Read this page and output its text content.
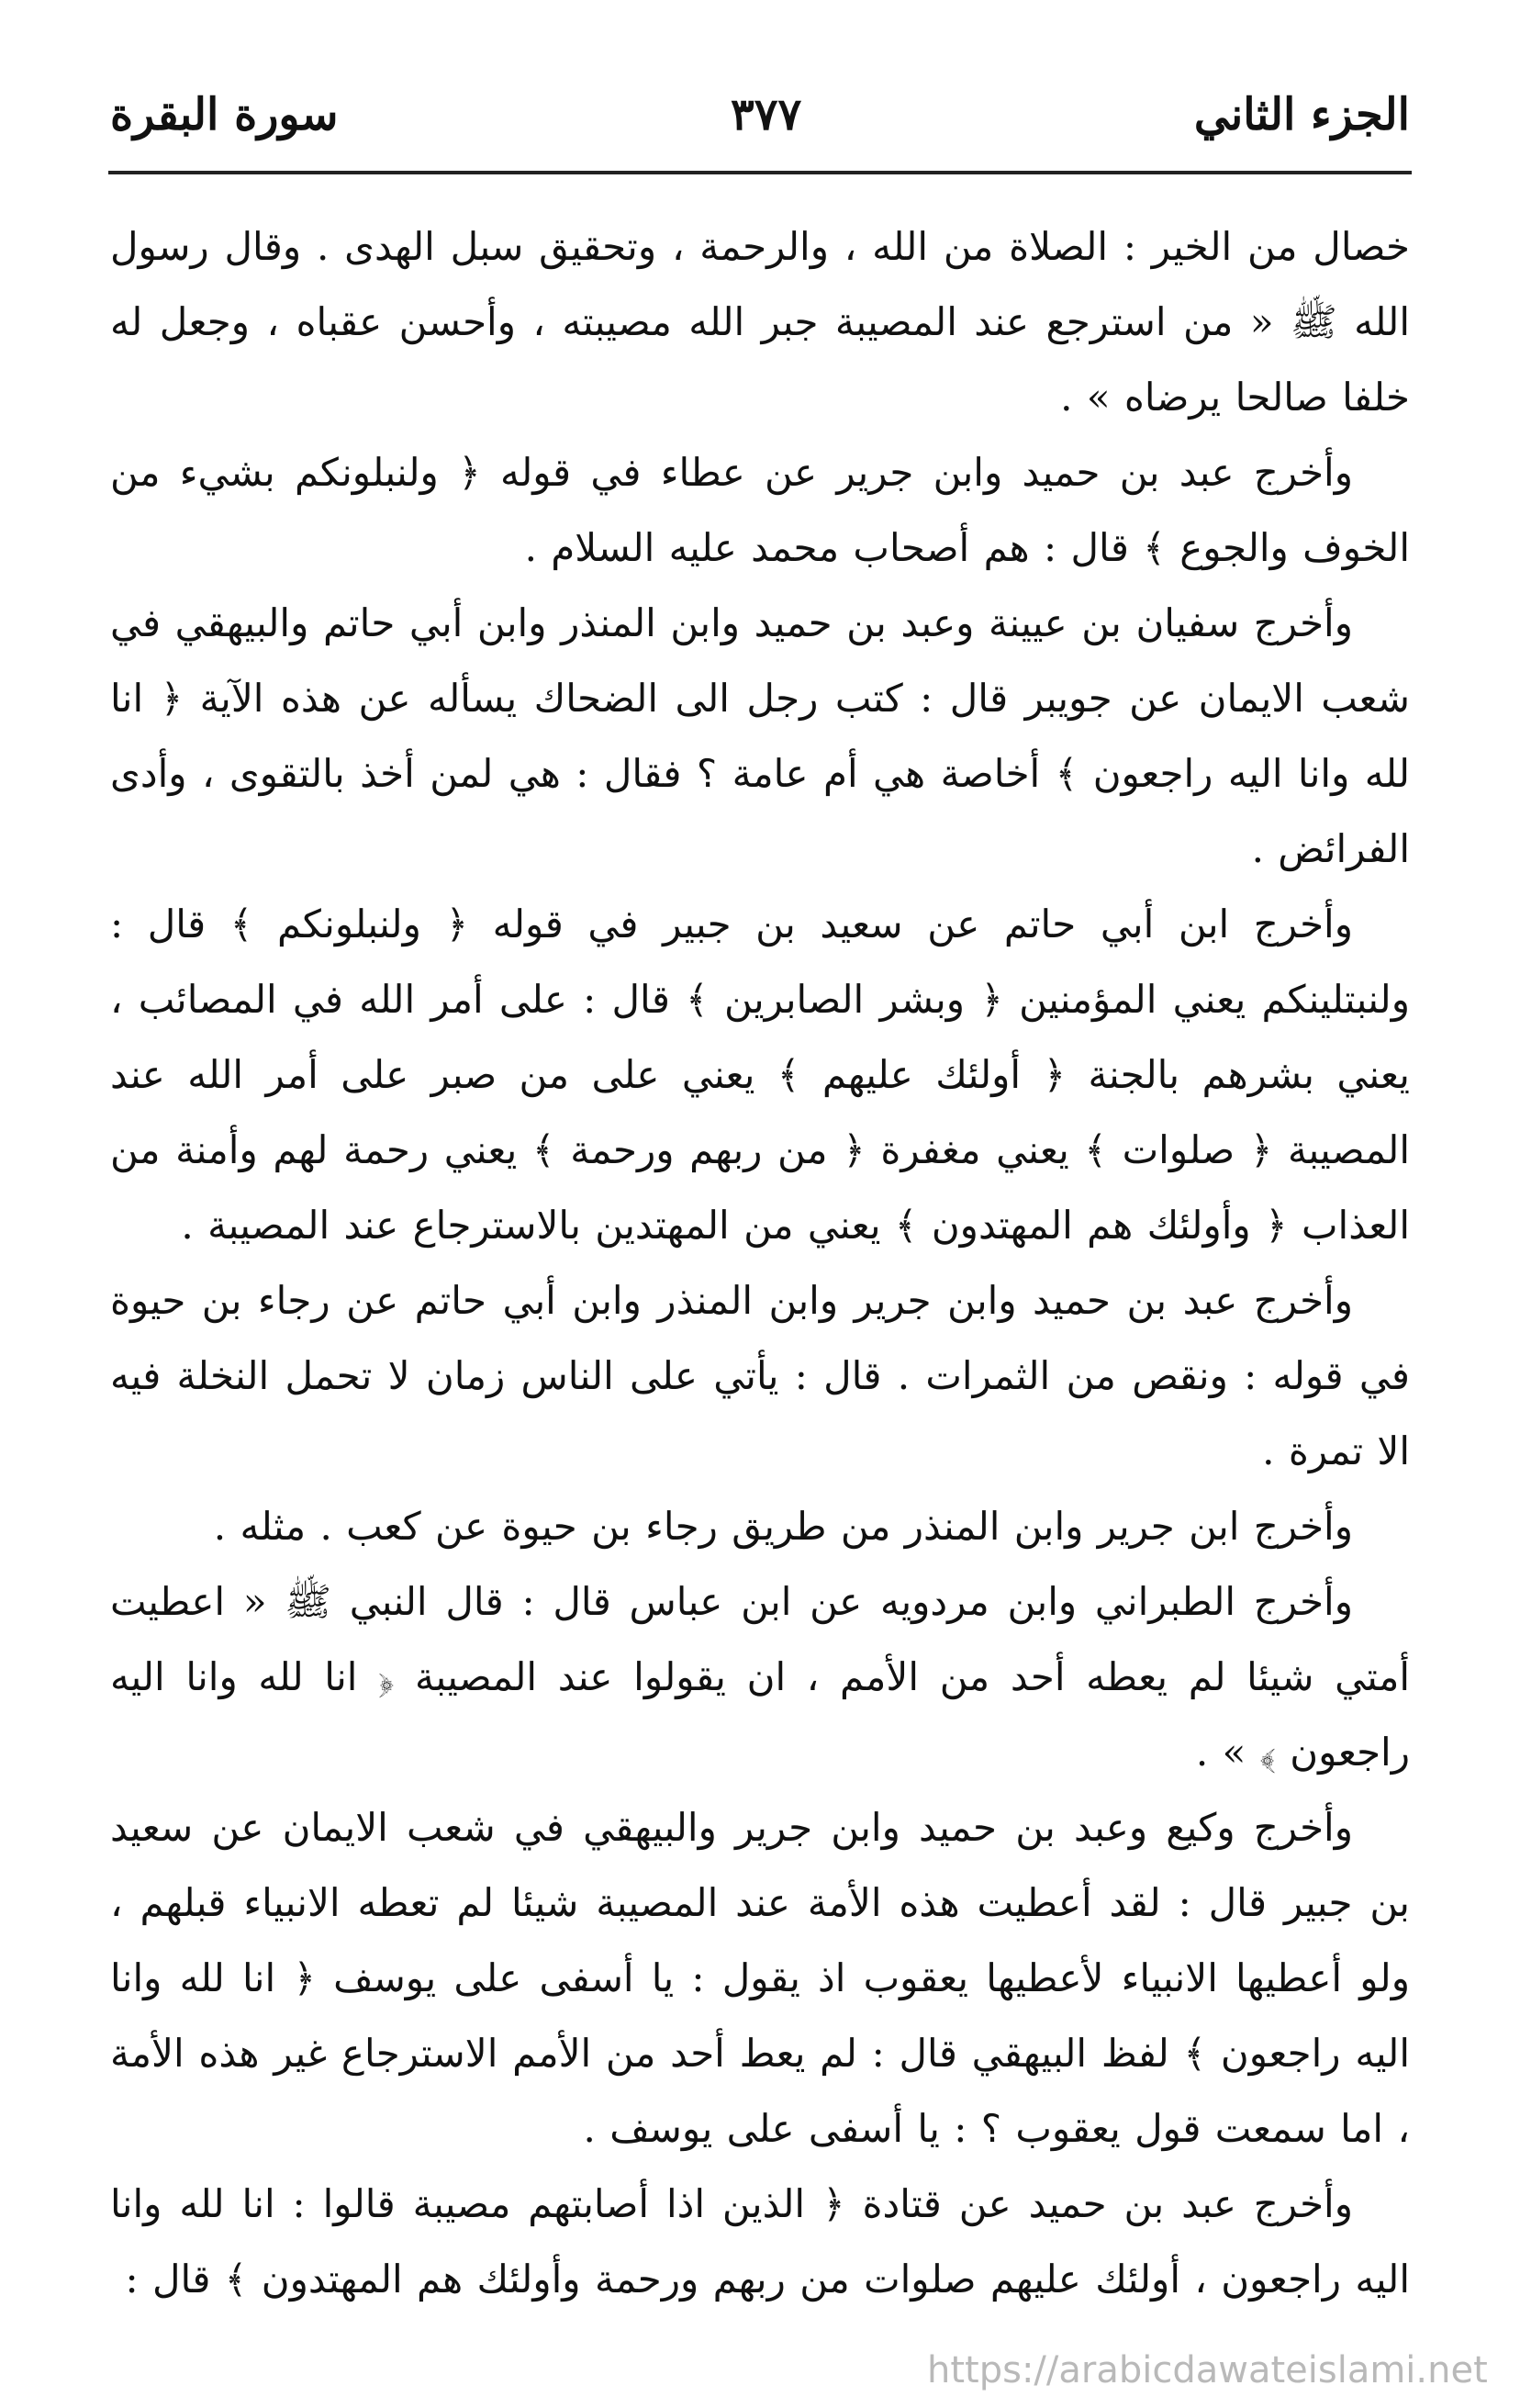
الجزء الثاني
٣٧٧
سورة البقرة

خصال من الخير : الصلاة من الله ، والرحمة ، وتحقيق سبل الهدى . وقال رسول الله ﷺ « من استرجع عند المصيبة جبر الله مصيبته ، وأحسن عقباه ، وجعل له خلفا صالحا يرضاه » .

وأخرج عبد بن حميد وابن جرير عن عطاء في قوله ﴿ ولنبلونكم بشيء من الخوف والجوع ﴾ قال : هم أصحاب محمد عليه السلام .

وأخرج سفيان بن عيينة وعبد بن حميد وابن المنذر وابن أبي حاتم والبيهقي في شعب الايمان عن جويبر قال : كتب رجل الى الضحاك يسأله عن هذه الآية ﴿ انا لله وانا اليه راجعون ﴾ أخاصة هي أم عامة ؟ فقال : هي لمن أخذ بالتقوى ، وأدى الفرائض .

وأخرج ابن أبي حاتم عن سعيد بن جبير في قوله ﴿ ولنبلونكم ﴾ قال : ولنبتلينكم يعني المؤمنين ﴿ وبشر الصابرين ﴾ قال : على أمر الله في المصائب ، يعني بشرهم بالجنة ﴿ أولئك عليهم ﴾ يعني على من صبر على أمر الله عند المصيبة ﴿ صلوات ﴾ يعني مغفرة ﴿ من ربهم ورحمة ﴾ يعني رحمة لهم وأمنة من العذاب ﴿ وأولئك هم المهتدون ﴾ يعني من المهتدين بالاسترجاع عند المصيبة .

وأخرج عبد بن حميد وابن جرير وابن المنذر وابن أبي حاتم عن رجاء بن حيوة في قوله : ونقص من الثمرات . قال : يأتي على الناس زمان لا تحمل النخلة فيه الا تمرة .

وأخرج ابن جرير وابن المنذر من طريق رجاء بن حيوة عن كعب . مثله .

وأخرج الطبراني وابن مردويه عن ابن عباس قال : قال النبي ﷺ « اعطيت أمتي شيئا لم يعطه أحد من الأمم ، ان يقولوا عند المصيبة ﴿ انا لله وانا اليه راجعون ﴾ » .

وأخرج وكيع وعبد بن حميد وابن جرير والبيهقي في شعب الايمان عن سعيد بن جبير قال : لقد أعطيت هذه الأمة عند المصيبة شيئا لم تعطه الانبياء قبلهم ، ولو أعطيها الانبياء لأعطيها يعقوب اذ يقول : يا أسفى على يوسف ﴿ انا لله وانا اليه راجعون ﴾ لفظ البيهقي قال : لم يعط أحد من الأمم الاسترجاع غير هذه الأمة ، اما سمعت قول يعقوب ؟ : يا أسفى على يوسف .

وأخرج عبد بن حميد عن قتادة ﴿ الذين اذا أصابتهم مصيبة قالوا : انا لله وانا اليه راجعون ، أولئك عليهم صلوات من ربهم ورحمة وأولئك هم المهتدون ﴾ قال :

https://arabicdawateislami.net
